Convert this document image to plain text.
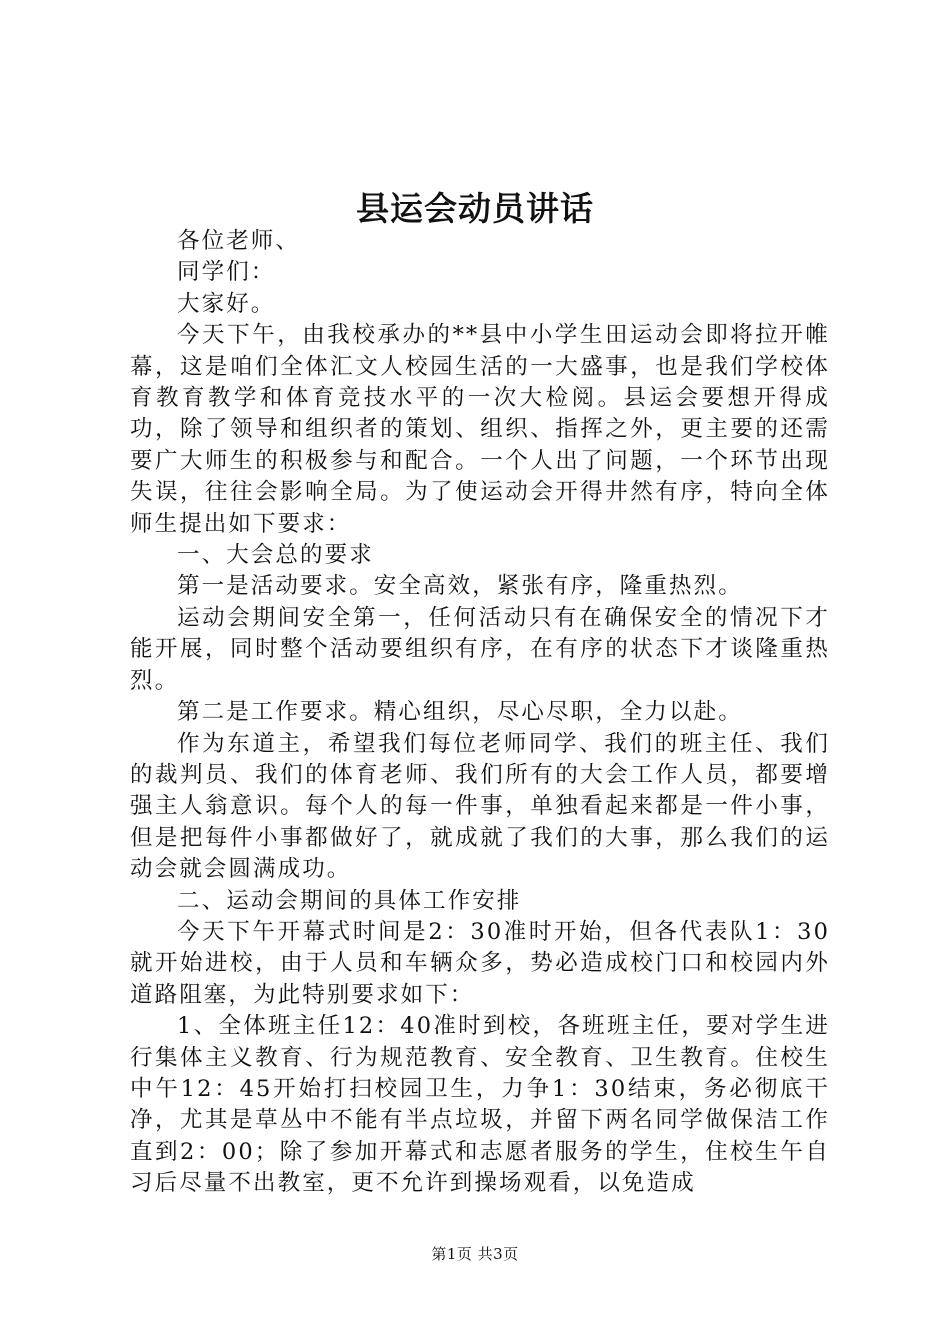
县运会动员讲话

各位老师、

同学们：

大家好。

今天下午，由我校承办的**县中小学生田运动会即将拉开帷幕，这是咱们全体汇文人校园生活的一大盛事，也是我们学校体育教育教学和体育竞技水平的一次大检阅。县运会要想开得成功，除了领导和组织者的策划、组织、指挥之外，更主要的还需要广大师生的积极参与和配合。一个人出了问题，一个环节出现失误，往往会影响全局。为了使运动会开得井然有序，特向全体师生提出如下要求：

一、大会总的要求

第一是活动要求。安全高效，紧张有序，隆重热烈。

运动会期间安全第一，任何活动只有在确保安全的情况下才能开展，同时整个活动要组织有序，在有序的状态下才谈隆重热烈。

第二是工作要求。精心组织，尽心尽职，全力以赴。

作为东道主，希望我们每位老师同学、我们的班主任、我们的裁判员、我们的体育老师、我们所有的大会工作人员，都要增强主人翁意识。每个人的每一件事，单独看起来都是一件小事，但是把每件小事都做好了，就成就了我们的大事，那么我们的运动会就会圆满成功。

二、运动会期间的具体工作安排

今天下午开幕式时间是2：30准时开始，但各代表队1：30就开始进校，由于人员和车辆众多，势必造成校门口和校园内外道路阻塞，为此特别要求如下：

1、全体班主任12：40准时到校，各班班主任，要对学生进行集体主义教育、行为规范教育、安全教育、卫生教育。住校生中午12：45开始打扫校园卫生，力争1：30结束，务必彻底干净，尤其是草丛中不能有半点垃圾，并留下两名同学做保洁工作直到2：00；除了参加开幕式和志愿者服务的学生，住校生午自习后尽量不出教室，更不允许到操场观看，以免造成

第1页 共3页
